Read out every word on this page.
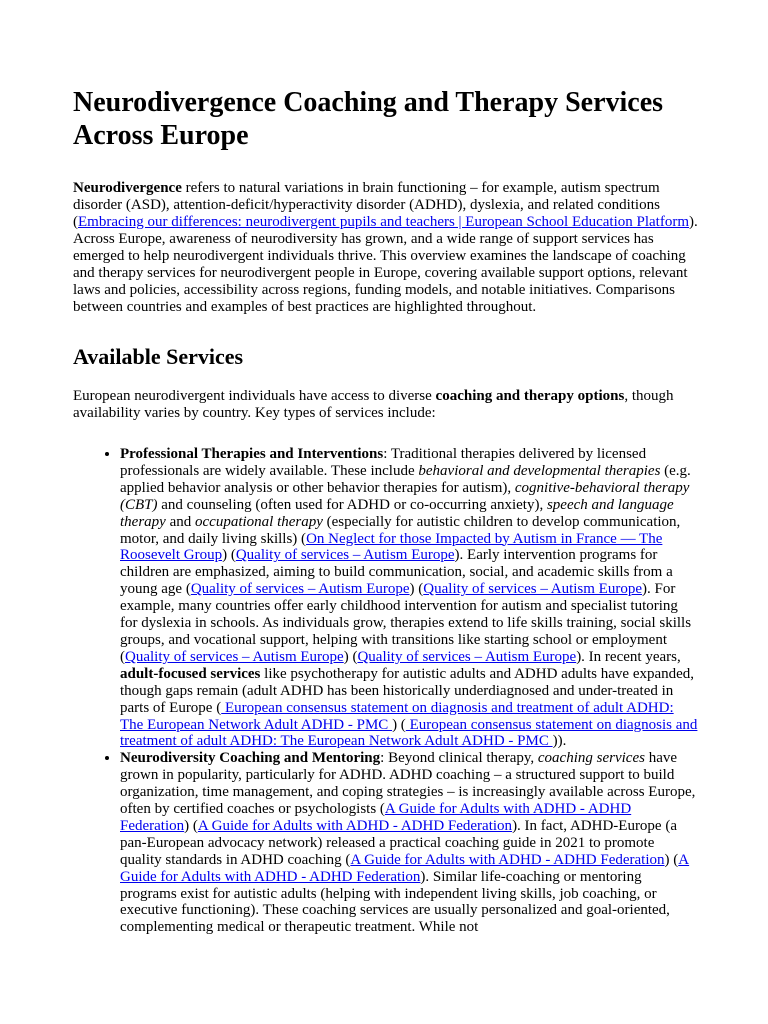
Neurodivergence Coaching and Therapy Services Across Europe

Neurodivergence refers to natural variations in brain functioning – for example, autism spectrum disorder (ASD), attention-deficit/hyperactivity disorder (ADHD), dyslexia, and related conditions (Embracing our differences: neurodivergent pupils and teachers | European School Education Platform). Across Europe, awareness of neurodiversity has grown, and a wide range of support services has emerged to help neurodivergent individuals thrive. This overview examines the landscape of coaching and therapy services for neurodivergent people in Europe, covering available support options, relevant laws and policies, accessibility across regions, funding models, and notable initiatives. Comparisons between countries and examples of best practices are highlighted throughout.

Available Services

European neurodivergent individuals have access to diverse coaching and therapy options, though availability varies by country. Key types of services include:

• Professional Therapies and Interventions: Traditional therapies delivered by licensed professionals are widely available. These include behavioral and developmental therapies (e.g. applied behavior analysis or other behavior therapies for autism), cognitive-behavioral therapy (CBT) and counseling (often used for ADHD or co-occurring anxiety), speech and language therapy and occupational therapy (especially for autistic children to develop communication, motor, and daily living skills) (On Neglect for those Impacted by Autism in France — The Roosevelt Group) (Quality of services – Autism Europe). Early intervention programs for children are emphasized, aiming to build communication, social, and academic skills from a young age (Quality of services – Autism Europe) (Quality of services – Autism Europe). For example, many countries offer early childhood intervention for autism and specialist tutoring for dyslexia in schools. As individuals grow, therapies extend to life skills training, social skills groups, and vocational support, helping with transitions like starting school or employment (Quality of services – Autism Europe) (Quality of services – Autism Europe). In recent years, adult-focused services like psychotherapy for autistic adults and ADHD adults have expanded, though gaps remain (adult ADHD has been historically underdiagnosed and under-treated in parts of Europe ( European consensus statement on diagnosis and treatment of adult ADHD: The European Network Adult ADHD - PMC ) ( European consensus statement on diagnosis and treatment of adult ADHD: The European Network Adult ADHD - PMC )).
• Neurodiversity Coaching and Mentoring: Beyond clinical therapy, coaching services have grown in popularity, particularly for ADHD. ADHD coaching – a structured support to build organization, time management, and coping strategies – is increasingly available across Europe, often by certified coaches or psychologists (A Guide for Adults with ADHD - ADHD Federation) (A Guide for Adults with ADHD - ADHD Federation). In fact, ADHD-Europe (a pan-European advocacy network) released a practical coaching guide in 2021 to promote quality standards in ADHD coaching (A Guide for Adults with ADHD - ADHD Federation) (A Guide for Adults with ADHD - ADHD Federation). Similar life-coaching or mentoring programs exist for autistic adults (helping with independent living skills, job coaching, or executive functioning). These coaching services are usually personalized and goal-oriented, complementing medical or therapeutic treatment. While not
